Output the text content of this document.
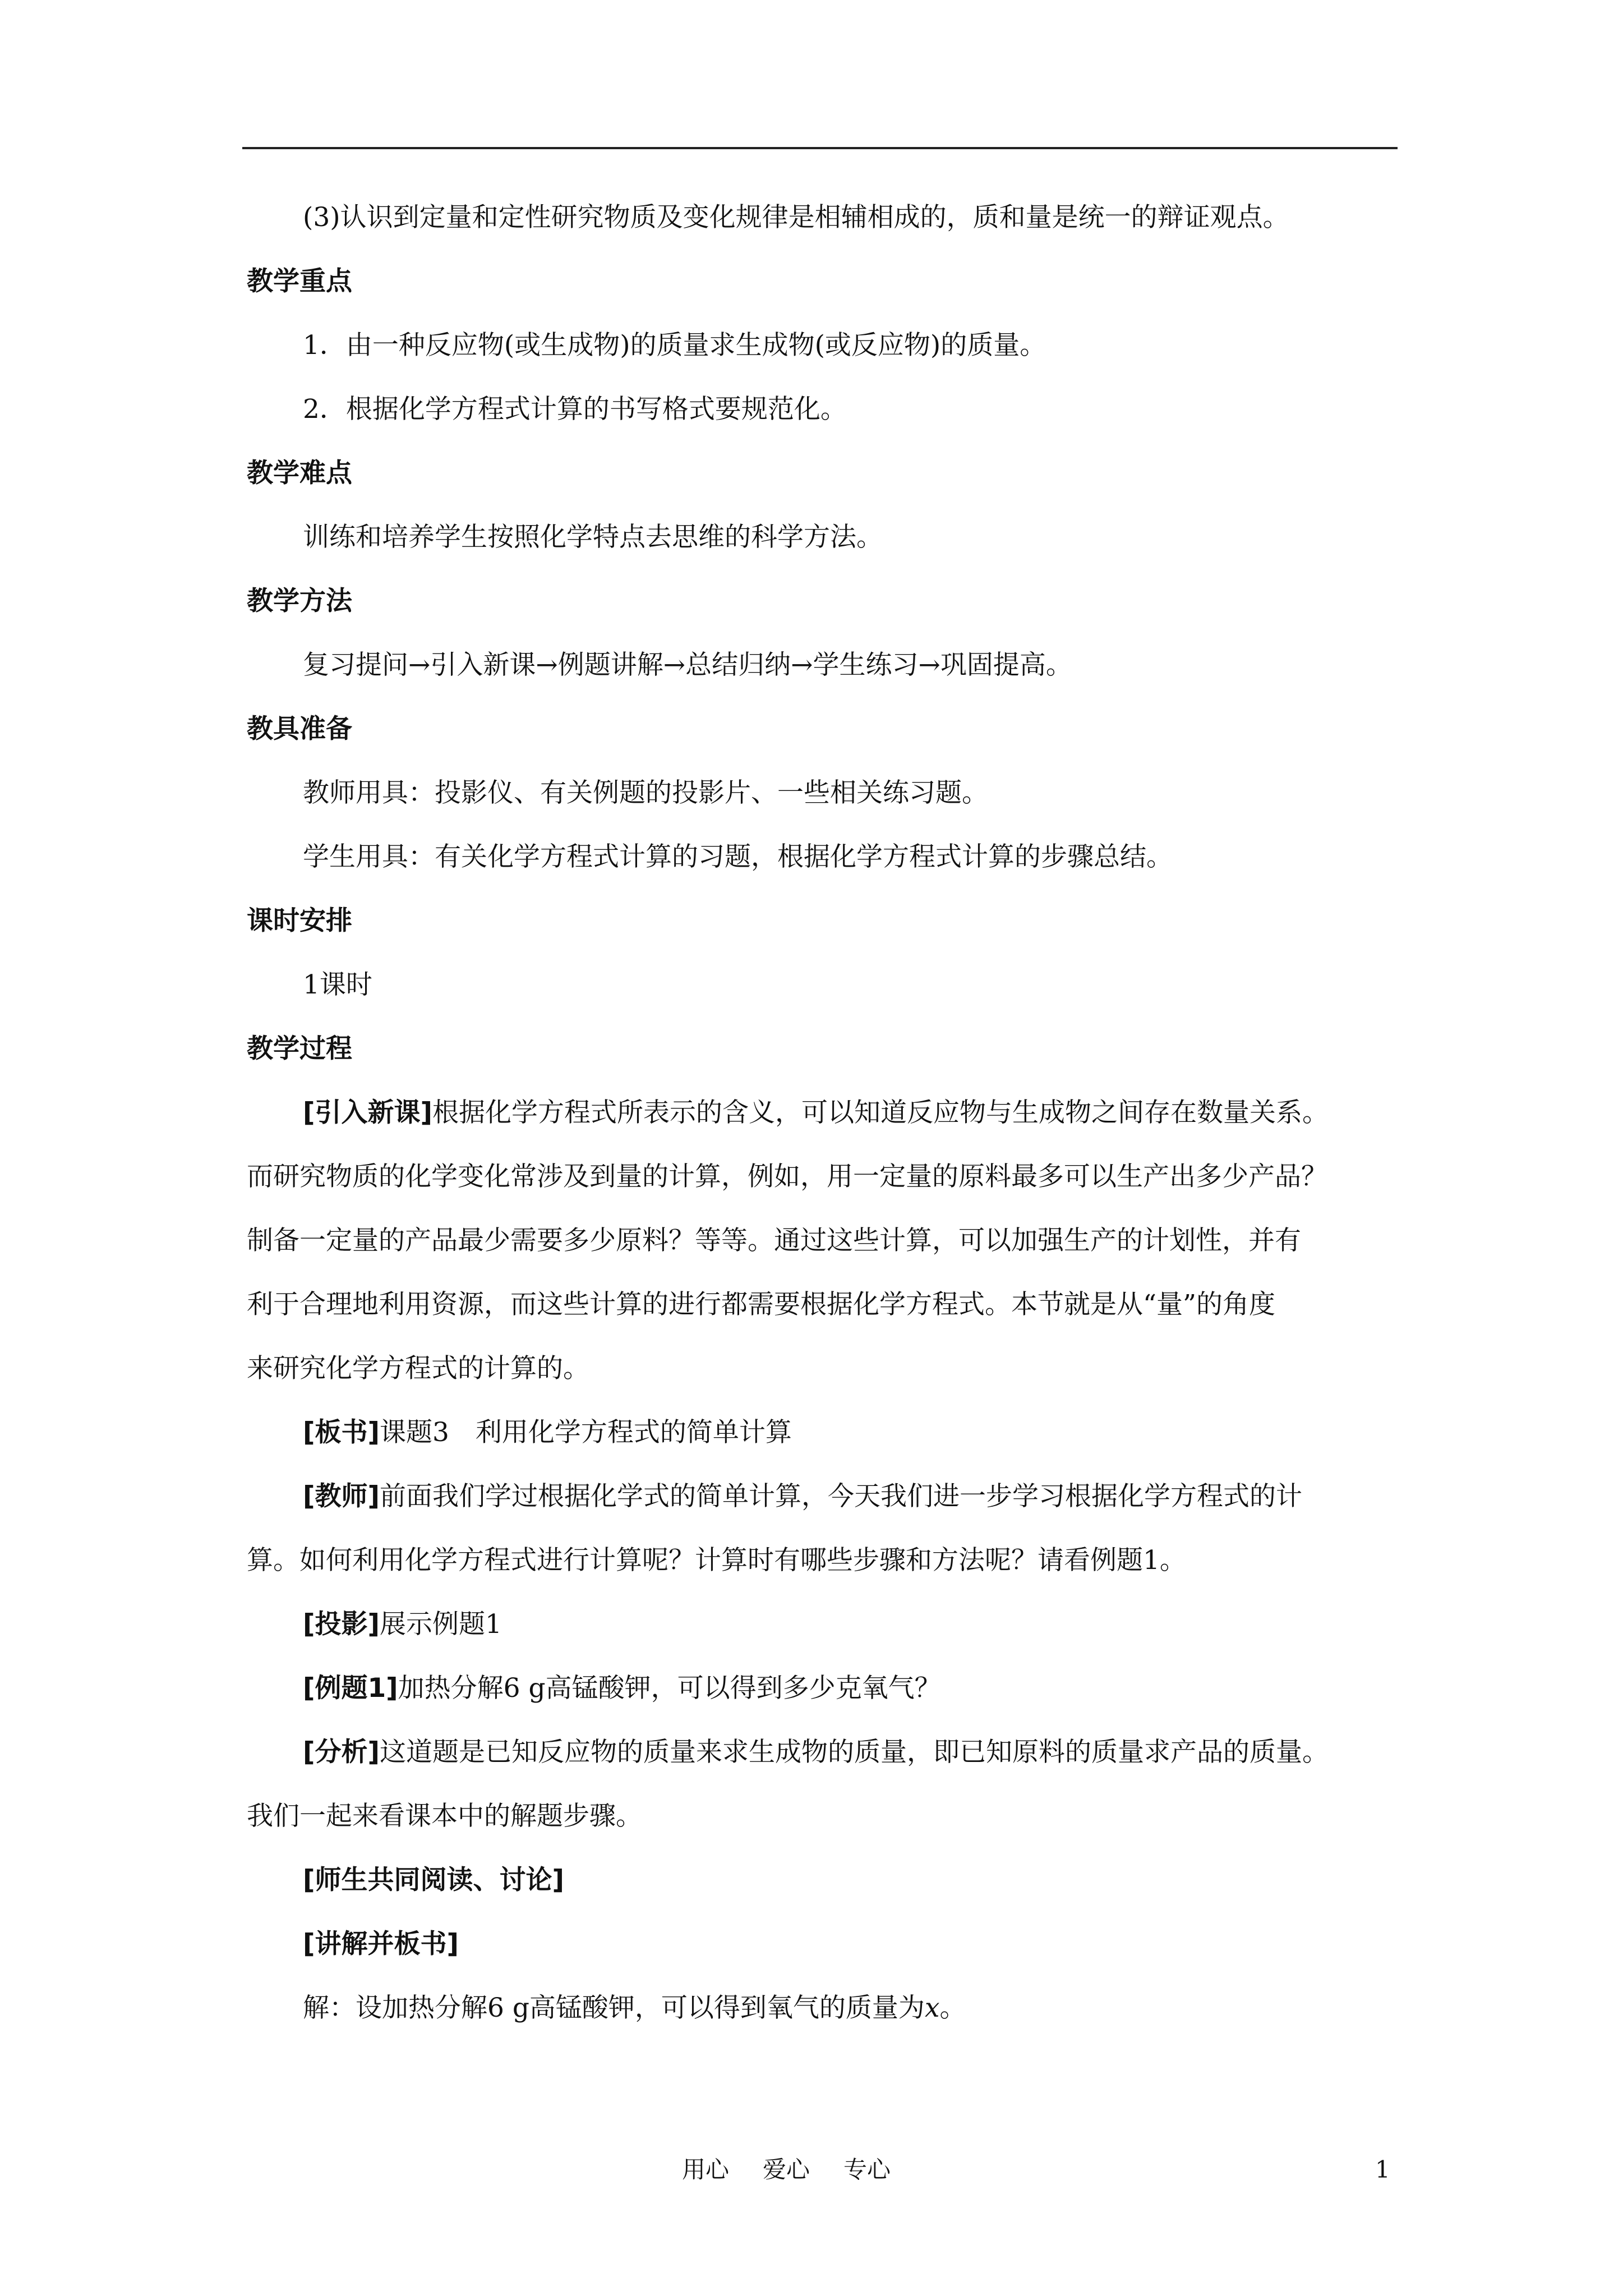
(3)认识到定量和定性研究物质及变化规律是相辅相成的，质和量是统一的辩证观点。
教学重点
1．由一种反应物(或生成物)的质量求生成物(或反应物)的质量。
2．根据化学方程式计算的书写格式要规范化。
教学难点
训练和培养学生按照化学特点去思维的科学方法。
教学方法
复习提问→引入新课→例题讲解→总结归纳→学生练习→巩固提高。
教具准备
教师用具：投影仪、有关例题的投影片、一些相关练习题。
学生用具：有关化学方程式计算的习题，根据化学方程式计算的步骤总结。
课时安排
1课时
教学过程
[引入新课]根据化学方程式所表示的含义，可以知道反应物与生成物之间存在数量关系。
而研究物质的化学变化常涉及到量的计算，例如，用一定量的原料最多可以生产出多少产品？
制备一定量的产品最少需要多少原料？等等。通过这些计算，可以加强生产的计划性，并有
利于合理地利用资源，而这些计算的进行都需要根据化学方程式。本节就是从“量”的角度
来研究化学方程式的计算的。
[板书]课题3　利用化学方程式的简单计算
[教师]前面我们学过根据化学式的简单计算，今天我们进一步学习根据化学方程式的计
算。如何利用化学方程式进行计算呢？计算时有哪些步骤和方法呢？请看例题1。
[投影]展示例题1
[例题1]加热分解6 g高锰酸钾，可以得到多少克氧气？
[分析]这道题是已知反应物的质量来求生成物的质量，即已知原料的质量求产品的质量。
我们一起来看课本中的解题步骤。
[师生共同阅读、讨论]
[讲解并板书]
解：设加热分解6 g高锰酸钾，可以得到氧气的质量为x。
用心 爱心 专心	1
